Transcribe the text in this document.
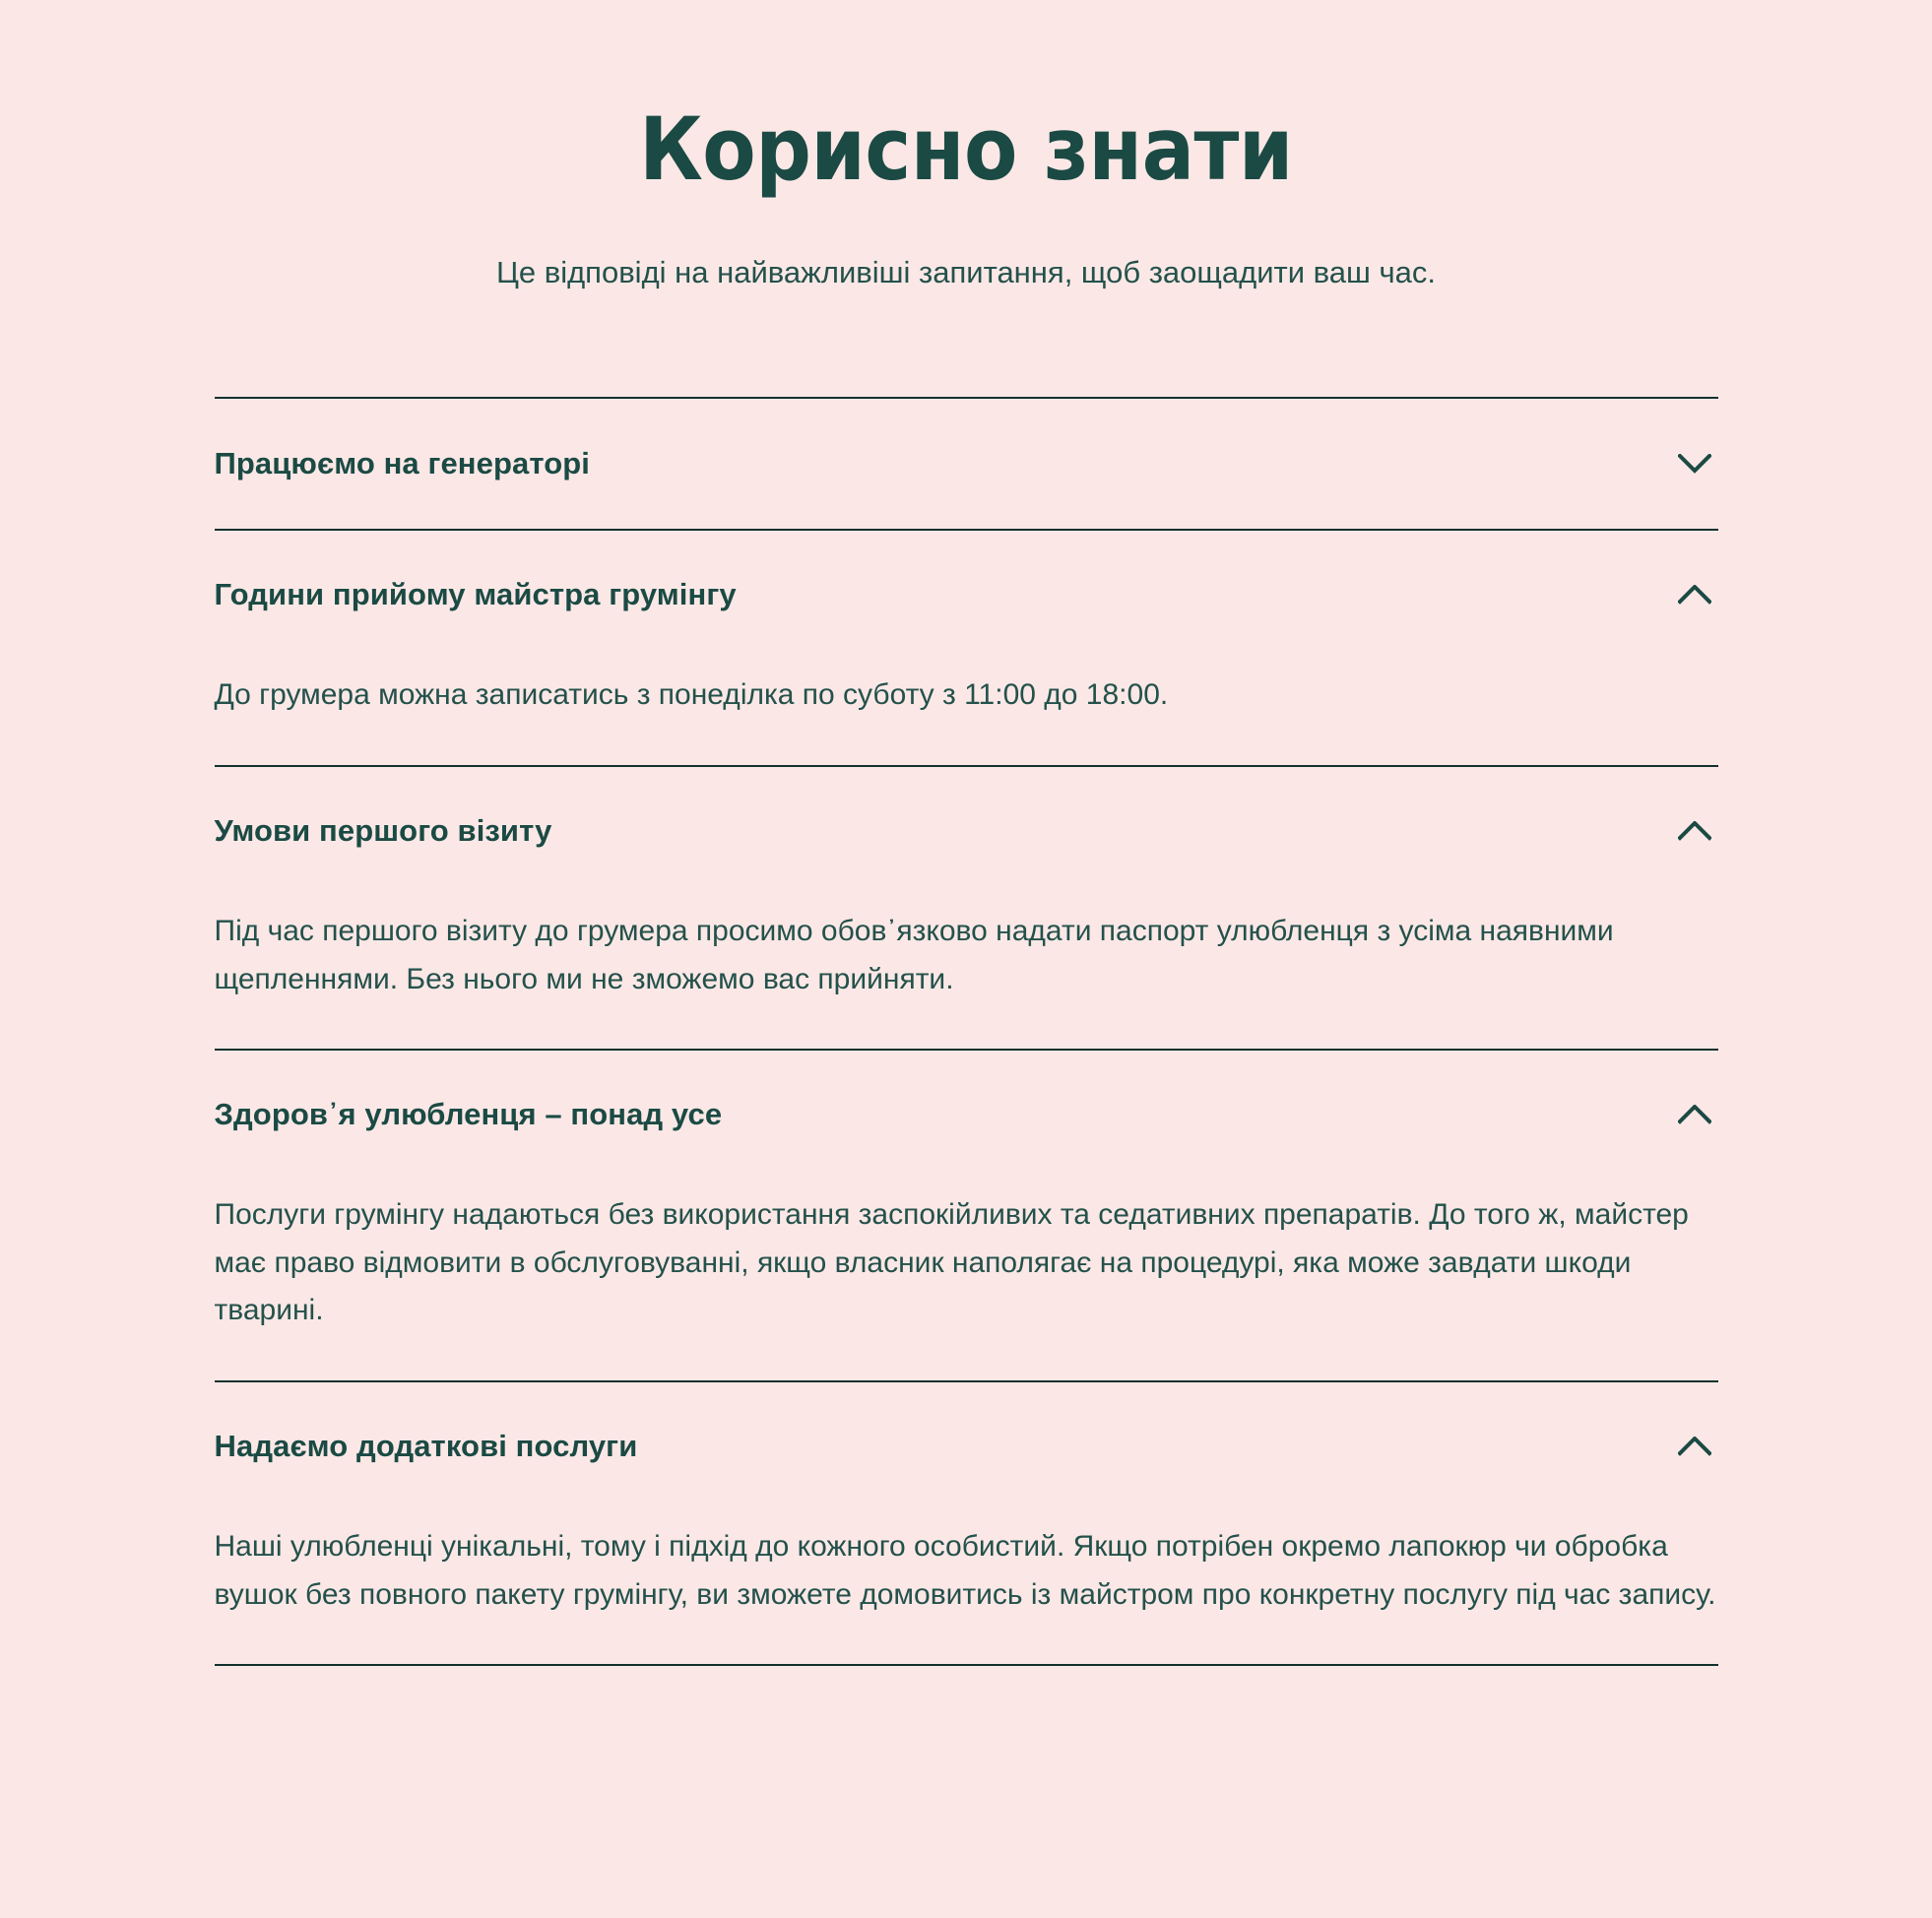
Корисно знати

Це відповіді на найважливіші запитання, щоб заощадити ваш час.

Працюємо на генераторі
Години прийому майстра грумінгу

До грумера можна записатись з понеділка по суботу з 11:00 до 18:00.

Умови першого візиту

Під час першого візиту до грумера просимо обов᾽язково надати паспорт улюбленця з усіма наявними щепленнями. Без нього ми не зможемо вас прийняти.

Здоров᾽я улюбленця – понад усе

Послуги грумінгу надаються без використання заспокійливих та седативних препаратів. До того ж, майстер має право відмовити в обслуговуванні, якщо власник наполягає на процедурі, яка може завдати шкоди тварині.

Надаємо додаткові послуги

Наші улюбленці унікальні, тому і підхід до кожного особистий. Якщо потрібен окремо лапокюр чи обробка вушок без повного пакету грумінгу, ви зможете домовитись із майстром про конкретну послугу під час запису.
